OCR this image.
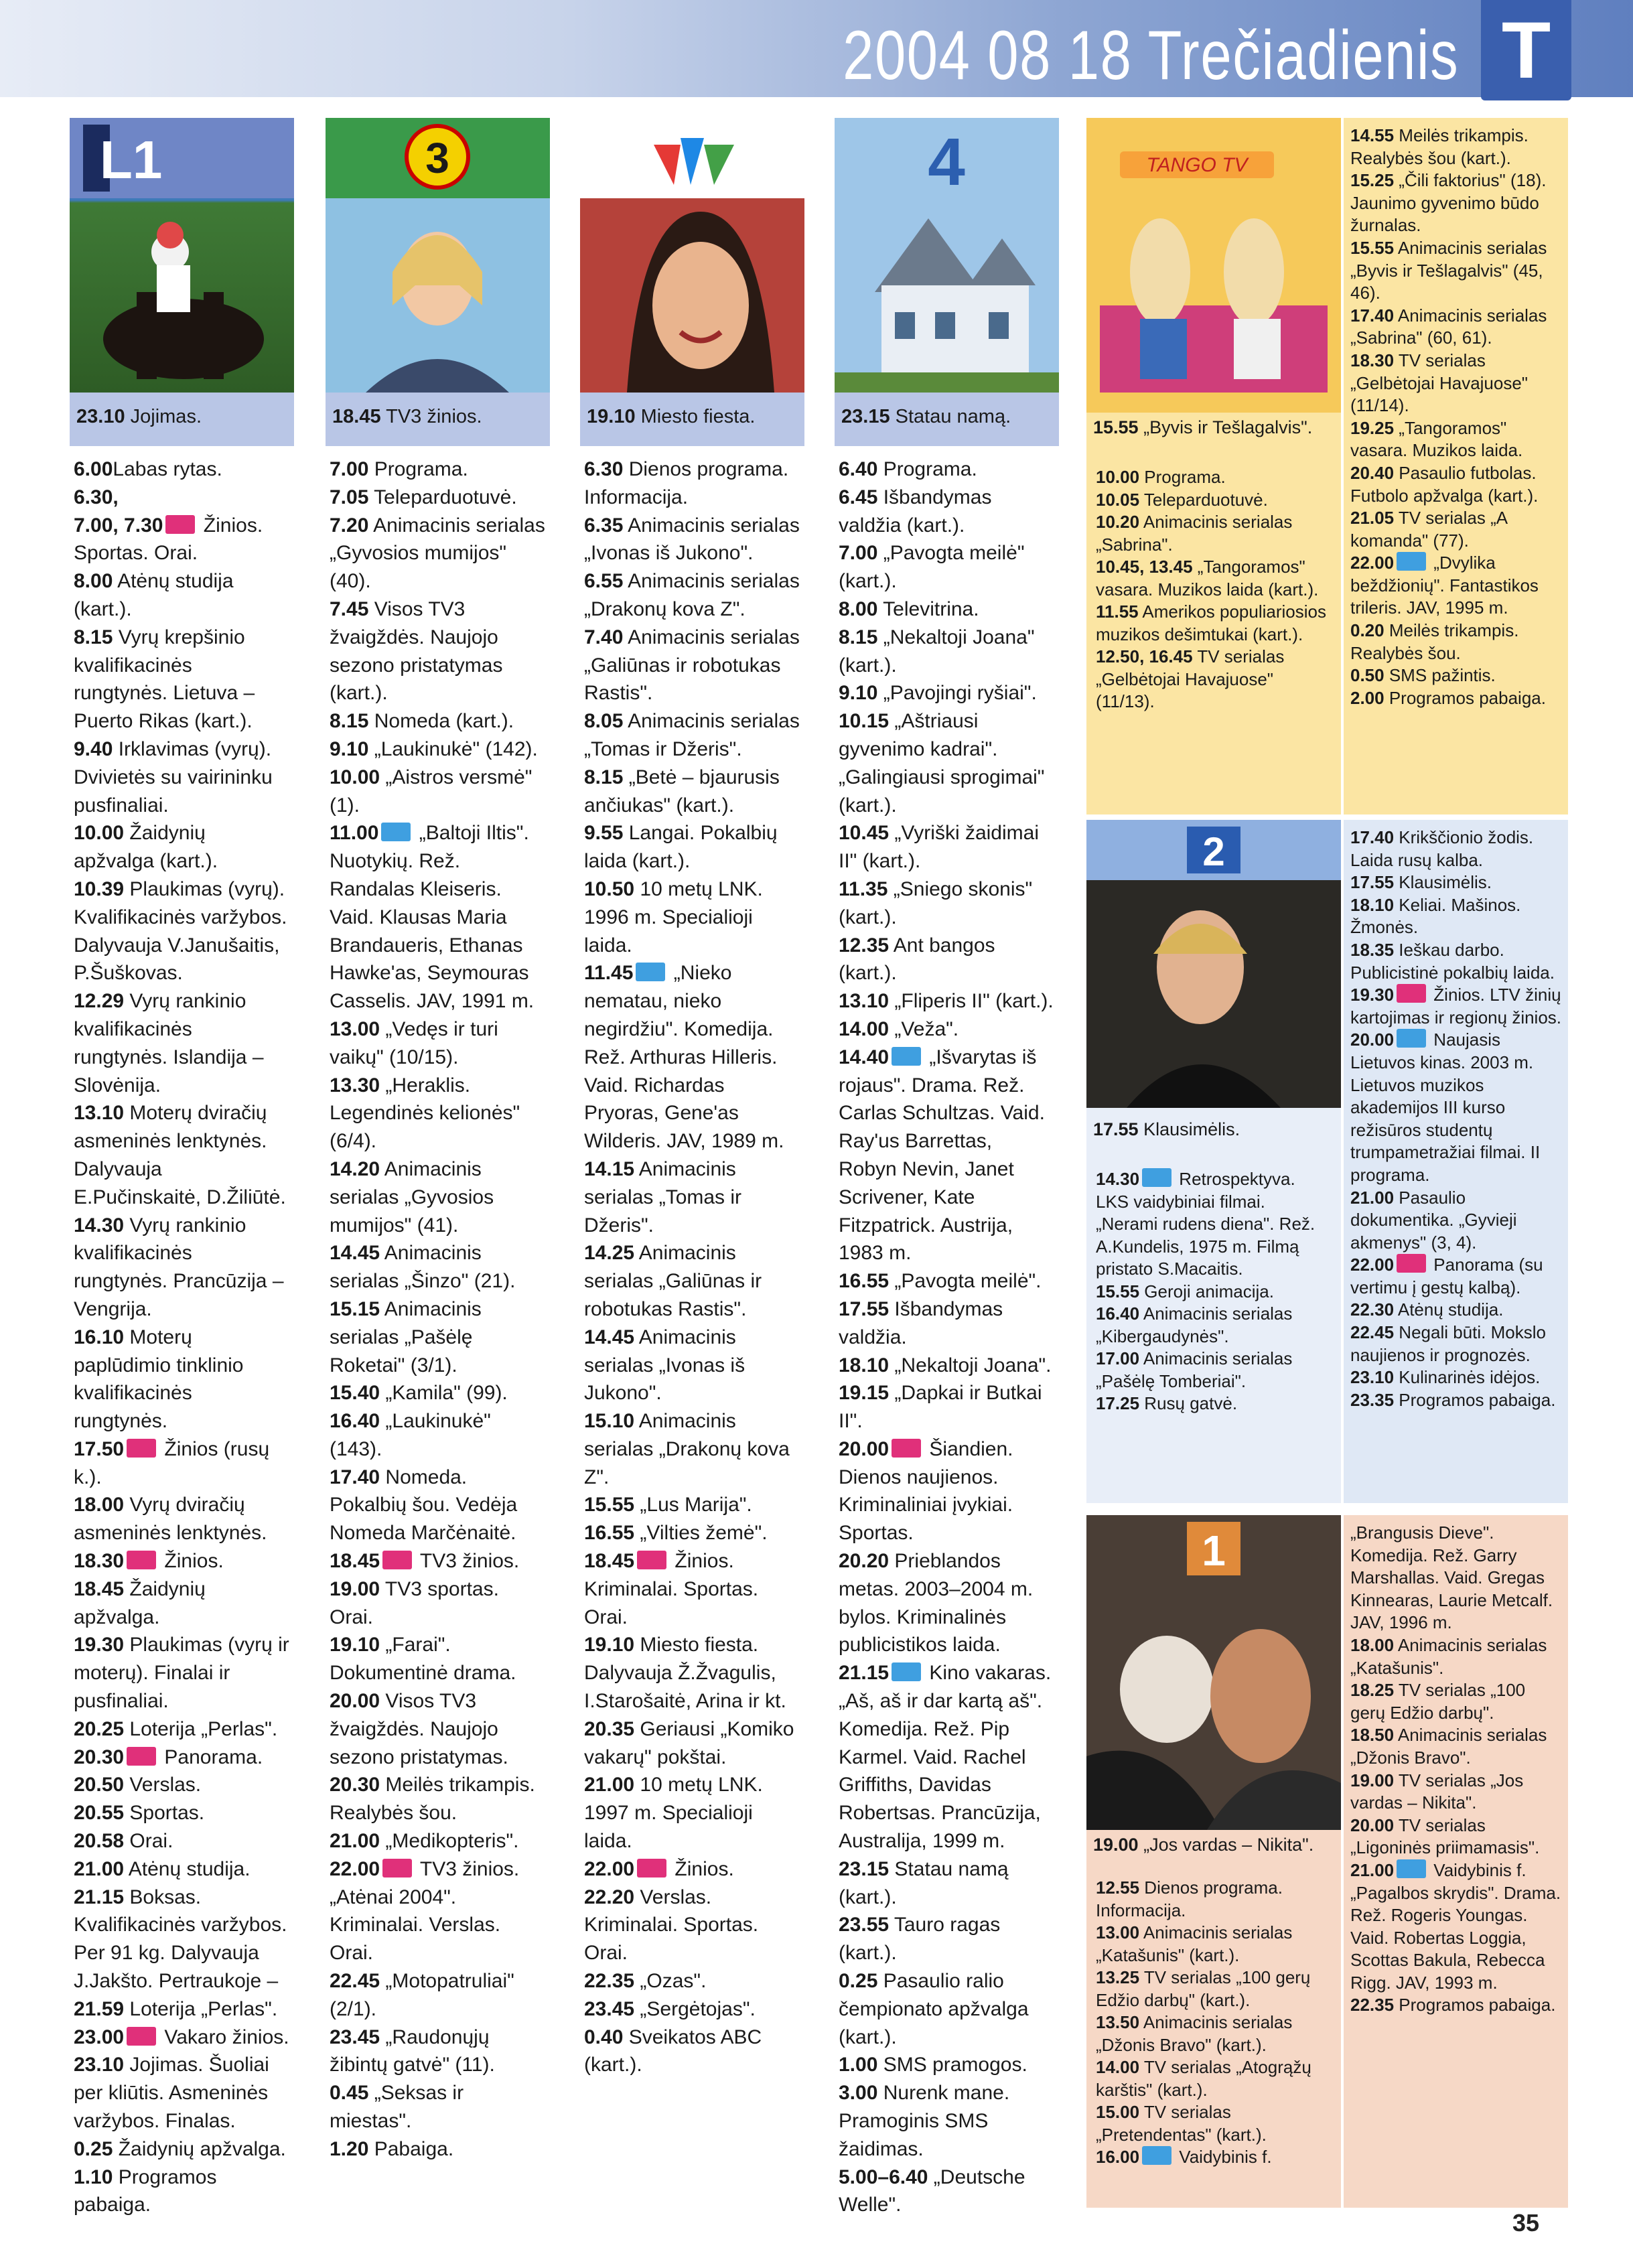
2004 08 18 Trečiadienis T
L1
23.10 Jojimas.
6.00Labas rytas.
6.30,
7.00, 7.30 Žinios. Sportas. Orai.
8.00 Atėnų studija (kart.).
8.15 Vyrų krepšinio kvalifikacinės rungtynės. Lietuva – Puerto Rikas (kart.).
9.40 Irklavimas (vyrų). Dvivietės su vairininku pusfinaliai.
10.00 Žaidynių apžvalga (kart.).
10.39 Plaukimas (vyrų). Kvalifikacinės varžybos. Dalyvauja V.Janušaitis, P.Šuškovas.
12.29 Vyrų rankinio kvalifikacinės rungtynės. Islandija – Slovėnija.
13.10 Moterų dviračių asmeninės lenktynės. Dalyvauja E.Pučinskaitė, D.Žiliūtė.
14.30 Vyrų rankinio kvalifikacinės rungtynės. Prancūzija – Vengrija.
16.10 Moterų paplūdimio tinklinio kvalifikacinės rungtynės.
17.50 Žinios (rusų k.).
18.00 Vyrų dviračių asmeninės lenktynės.
18.30 Žinios.
18.45 Žaidynių apžvalga.
19.30 Plaukimas (vyrų ir moterų). Finalai ir pusfinaliai.
20.25 Loterija „Perlas".
20.30 Panorama.
20.50 Verslas.
20.55 Sportas.
20.58 Orai.
21.00 Atėnų studija.
21.15 Boksas. Kvalifikacinės varžybos. Per 91 kg. Dalyvauja J.Jakšto. Pertraukoje –
21.59 Loterija „Perlas".
23.00 Vakaro žinios.
23.10 Jojimas. Šuoliai per kliūtis. Asmeninės varžybos. Finalas.
0.25 Žaidynių apžvalga.
1.10 Programos pabaiga.
3
18.45 TV3 žinios.
7.00 Programa.
7.05 Teleparduotuvė.
7.20 Animacinis serialas „Gyvosios mumijos" (40).
7.45 Visos TV3 žvaigždės. Naujojo sezono pristatymas (kart.).
8.15 Nomeda (kart.).
9.10 „Laukinukė" (142).
10.00 „Aistros versmė" (1).
11.00 „Baltoji Iltis". Nuotykių. Rež. Randalas Kleiseris. Vaid. Klausas Maria Brandaueris, Ethanas Hawke'as, Seymouras Casselis. JAV, 1991 m.
13.00 „Vedęs ir turi vaikų" (10/15).
13.30 „Heraklis. Legendinės kelionės" (6/4).
14.20 Animacinis serialas „Gyvosios mumijos" (41).
14.45 Animacinis serialas „Šinzo" (21).
15.15 Animacinis serialas „Pašėlę Roketai" (3/1).
15.40 „Kamila" (99).
16.40 „Laukinukė" (143).
17.40 Nomeda. Pokalbių šou. Vedėja Nomeda Marčėnaitė.
18.45 TV3 žinios.
19.00 TV3 sportas. Orai.
19.10 „Farai". Dokumentinė drama.
20.00 Visos TV3 žvaigždės. Naujojo sezono pristatymas.
20.30 Meilės trikampis. Realybės šou.
21.00 „Medikopteris".
22.00 TV3 žinios. „Atėnai 2004". Kriminalai. Verslas. Orai.
22.45 „Motopatruliai" (2/1).
23.45 „Raudonųjų žibintų gatvė" (11).
0.45 „Seksas ir miestas".
1.20 Pabaiga.
19.10 Miesto fiesta.
6.30 Dienos programa. Informacija.
6.35 Animacinis serialas „Ivonas iš Jukono".
6.55 Animacinis serialas „Drakonų kova Z".
7.40 Animacinis serialas „Galiūnas ir robotukas Rastis".
8.05 Animacinis serialas „Tomas ir Džeris".
8.15 „Betė – bjaurusis ančiukas" (kart.).
9.55 Langai. Pokalbių laida (kart.).
10.50 10 metų LNK. 1996 m. Specialioji laida.
11.45 „Nieko nematau, nieko negirdžiu". Komedija. Rež. Arthuras Hilleris. Vaid. Richardas Pryoras, Gene'as Wilderis. JAV, 1989 m.
14.15 Animacinis serialas „Tomas ir Džeris".
14.25 Animacinis serialas „Galiūnas ir robotukas Rastis".
14.45 Animacinis serialas „Ivonas iš Jukono".
15.10 Animacinis serialas „Drakonų kova Z".
15.55 „Lus Marija".
16.55 „Vilties žemė".
18.45 Žinios. Kriminalai. Sportas. Orai.
19.10 Miesto fiesta. Dalyvauja Ž.Žvagulis, I.Starošaitė, Arina ir kt.
20.35 Geriausi „Komiko vakarų" pokštai.
21.00 10 metų LNK. 1997 m. Specialioji laida.
22.00 Žinios.
22.20 Verslas. Kriminalai. Sportas. Orai.
22.35 „Ozas".
23.45 „Sergėtojas".
0.40 Sveikatos ABC (kart.).
4
23.15 Statau namą.
6.40 Programa.
6.45 Išbandymas valdžia (kart.).
7.00 „Pavogta meilė" (kart.).
8.00 Televitrina.
8.15 „Nekaltoji Joana" (kart.).
9.10 „Pavojingi ryšiai".
10.15 „Aštriausi gyvenimo kadrai". „Galingiausi sprogimai" (kart.).
10.45 „Vyriški žaidimai II" (kart.).
11.35 „Sniego skonis" (kart.).
12.35 Ant bangos (kart.).
13.10 „Fliperis II" (kart.).
14.00 „Veža".
14.40 „Išvarytas iš rojaus". Drama. Rež. Carlas Schultzas. Vaid. Ray'us Barrettas, Robyn Nevin, Janet Scrivener, Kate Fitzpatrick. Austrija, 1983 m.
16.55 „Pavogta meilė".
17.55 Išbandymas valdžia.
18.10 „Nekaltoji Joana".
19.15 „Dapkai ir Butkai II".
20.00 Šiandien. Dienos naujienos. Kriminaliniai įvykiai. Sportas.
20.20 Prieblandos metas. 2003–2004 m. bylos. Kriminalinės publicistikos laida.
21.15 Kino vakaras. „Aš, aš ir dar kartą aš". Komedija. Rež. Pip Karmel. Vaid. Rachel Griffiths, Davidas Robertsas. Prancūzija, Australija, 1999 m.
23.15 Statau namą (kart.).
23.55 Tauro ragas (kart.).
0.25 Pasaulio ralio čempionato apžvalga (kart.).
1.00 SMS pramogos.
3.00 Nurenk mane. Pramoginis SMS žaidimas.
5.00–6.40 „Deutsche Welle".
TANGO TV
15.55 „Byvis ir Tešlagalvis".
10.00 Programa.
10.05 Teleparduotuvė.
10.20 Animacinis serialas „Sabrina".
10.45, 13.45 „Tangoramos" vasara. Muzikos laida (kart.).
11.55 Amerikos populiariosios muzikos dešimtukai (kart.).
12.50, 16.45 TV serialas „Gelbėtojai Havajuose" (11/13).
14.55 Meilės trikampis. Realybės šou (kart.).
15.25 „Čili faktorius" (18). Jaunimo gyvenimo būdo žurnalas.
15.55 Animacinis serialas „Byvis ir Tešlagalvis" (45, 46).
17.40 Animacinis serialas „Sabrina" (60, 61).
18.30 TV serialas „Gelbėtojai Havajuose" (11/14).
19.25 „Tangoramos" vasara. Muzikos laida.
20.40 Pasaulio futbolas. Futbolo apžvalga (kart.).
21.05 TV serialas „A komanda" (77).
22.00 „Dvylika beždžionių". Fantastikos trileris. JAV, 1995 m.
0.20 Meilės trikampis. Realybės šou.
0.50 SMS pažintis.
2.00 Programos pabaiga.
2
17.55 Klausimėlis.
14.30 Retrospektyva. LKS vaidybiniai filmai. „Nerami rudens diena". Rež. A.Kundelis, 1975 m. Filmą pristato S.Macaitis.
15.55 Geroji animacija.
16.40 Animacinis serialas „Kibergaudynės".
17.00 Animacinis serialas „Pašėlę Tomberiai".
17.25 Rusų gatvė.
17.40 Krikščionio žodis. Laida rusų kalba.
17.55 Klausimėlis.
18.10 Keliai. Mašinos. Žmonės.
18.35 Ieškau darbo. Publicistinė pokalbių laida.
19.30 Žinios. LTV žinių kartojimas ir regionų žinios.
20.00 Naujasis Lietuvos kinas. 2003 m. Lietuvos muzikos akademijos III kurso režisūros studentų trumpametražiai filmai. II programa.
21.00 Pasaulio dokumentika. „Gyvieji akmenys" (3, 4).
22.00 Panorama (su vertimu į gestų kalbą).
22.30 Atėnų studija.
22.45 Negali būti. Mokslo naujienos ir prognozės.
23.10 Kulinarinės idėjos.
23.35 Programos pabaiga.
1
19.00 „Jos vardas – Nikita".
12.55 Dienos programa. Informacija.
13.00 Animacinis serialas „Katašunis" (kart.).
13.25 TV serialas „100 gerų Edžio darbų" (kart.).
13.50 Animacinis serialas „Džonis Bravo" (kart.).
14.00 TV serialas „Atogrąžų karštis" (kart.).
15.00 TV serialas „Pretendentas" (kart.).
16.00 Vaidybinis f.
„Brangusis Dieve". Komedija. Rež. Garry Marshallas. Vaid. Gregas Kinnearas, Laurie Metcalf. JAV, 1996 m.
18.00 Animacinis serialas „Katašunis".
18.25 TV serialas „100 gerų Edžio darbų".
18.50 Animacinis serialas „Džonis Bravo".
19.00 TV serialas „Jos vardas – Nikita".
20.00 TV serialas „Ligoninės priimamasis".
21.00 Vaidybinis f. „Pagalbos skrydis". Drama. Rež. Rogeris Youngas. Vaid. Robertas Loggia, Scottas Bakula, Rebecca Rigg. JAV, 1993 m.
22.35 Programos pabaiga.
35
